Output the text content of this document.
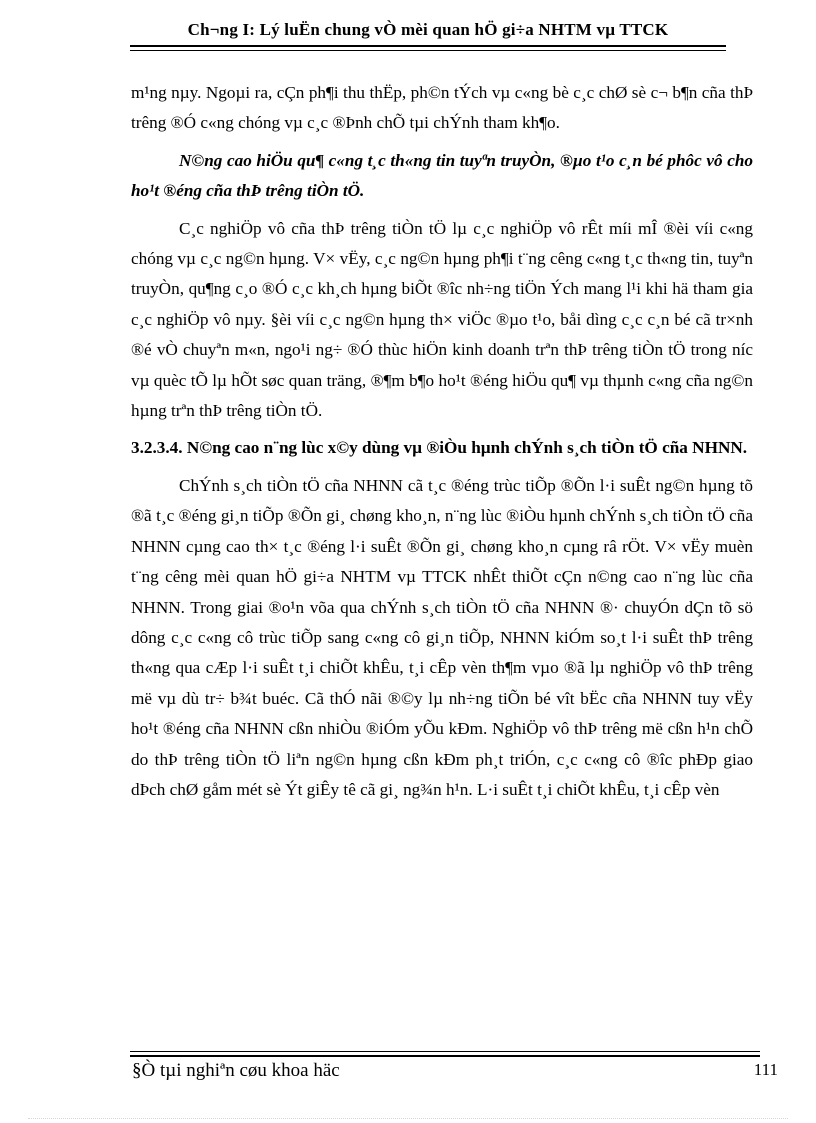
Ch¬ng I: Lý luËn chung vÒ mèi quan hÖ gi÷a NHTM vµ TTCK

m¹ng nµy. Ngoµi ra, cÇn ph¶i thu thËp, ph©n tÝch vµ c«ng bè c¸c chØ sè c¬ b¶n cña thÞ trêng ®Ó c«ng chóng vµ c¸c ®Þnh chÕ tµi chÝnh tham kh¶o.

N©ng cao hiÖu qu¶ c«ng t¸c th«ng tin tuyªn truyÒn, ®µo t¹o c¸n bé phôc vô cho ho¹t ®éng cña thÞ trêng tiÒn tÖ.

C¸c nghiÖp vô cña thÞ trêng tiÒn tÖ lµ c¸c nghiÖp vô rÊt míi mÎ ®èi víi c«ng chóng vµ c¸c ng©n hµng. V× vËy, c¸c ng©n hµng ph¶i t¨ng cêng c«ng t¸c th«ng tin, tuyªn truyÒn, qu¶ng c¸o ®Ó c¸c kh¸ch hµng biÕt ®îc nh÷ng tiÖn Ých mang l¹i khi hä tham gia c¸c nghiÖp vô nµy. §èi víi c¸c ng©n hµng th× viÖc ®µo t¹o, båi dìng c¸c c¸n bé cã tr×nh ®é vÒ chuyªn m«n, ngo¹i ng÷ ®Ó thùc hiÖn kinh doanh trªn thÞ trêng tiÒn tÖ trong níc vµ quèc tÕ lµ hÕt søc quan träng, ®¶m b¶o ho¹t ®éng hiÖu qu¶ vµ thµnh c«ng cña ng©n hµng trªn thÞ trêng tiÒn tÖ.

3.2.3.4. N©ng cao n¨ng lùc x©y dùng vµ ®iÒu hµnh chÝnh s¸ch tiÒn tÖ cña NHNN.

ChÝnh s¸ch tiÒn tÖ cña NHNN cã t¸c ®éng trùc tiÕp ®Õn l·i suÊt ng©n hµng tõ ®ã t¸c ®éng gi¸n tiÕp ®Õn gi¸ chøng kho¸n, n¨ng lùc ®iÒu hµnh chÝnh s¸ch tiÒn tÖ cña NHNN cµng cao th× t¸c ®éng l·i suÊt ®Õn gi¸ chøng kho¸n cµng râ rÖt. V× vËy muèn t¨ng cêng mèi quan hÖ gi÷a NHTM vµ TTCK nhÊt thiÕt cÇn n©ng cao n¨ng lùc cña NHNN. Trong giai ®o¹n võa qua chÝnh s¸ch tiÒn tÖ cña NHNN ®· chuyÓn dÇn tõ sö dông c¸c c«ng cô trùc tiÕp sang c«ng cô gi¸n tiÕp, NHNN kiÓm so¸t l·i suÊt thÞ trêng th«ng qua cÆp l·i suÊt t¸i chiÕt khÊu, t¸i cÊp vèn th¶m vµo ®ã lµ nghiÖp vô thÞ trêng më vµ dù tr÷ b¾t buéc. Cã thÓ nãi ®©y lµ nh÷ng tiÕn bé vît bËc cña NHNN tuy vËy ho¹t ®éng cña NHNN cßn nhiÒu ®iÓm yÕu kÐm. NghiÖp vô thÞ trêng më cßn h¹n chÕ do thÞ trêng tiÒn tÖ liªn ng©n hµng cßn kÐm ph¸t triÓn, c¸c c«ng cô ®îc phÐp giao dÞch chØ gåm mét sè Ýt giÊy tê cã gi¸ ng¾n h¹n. L·i suÊt t¸i chiÕt khÊu, t¸i cÊp vèn

§Ò tµi nghiªn cøu khoa häc	111
